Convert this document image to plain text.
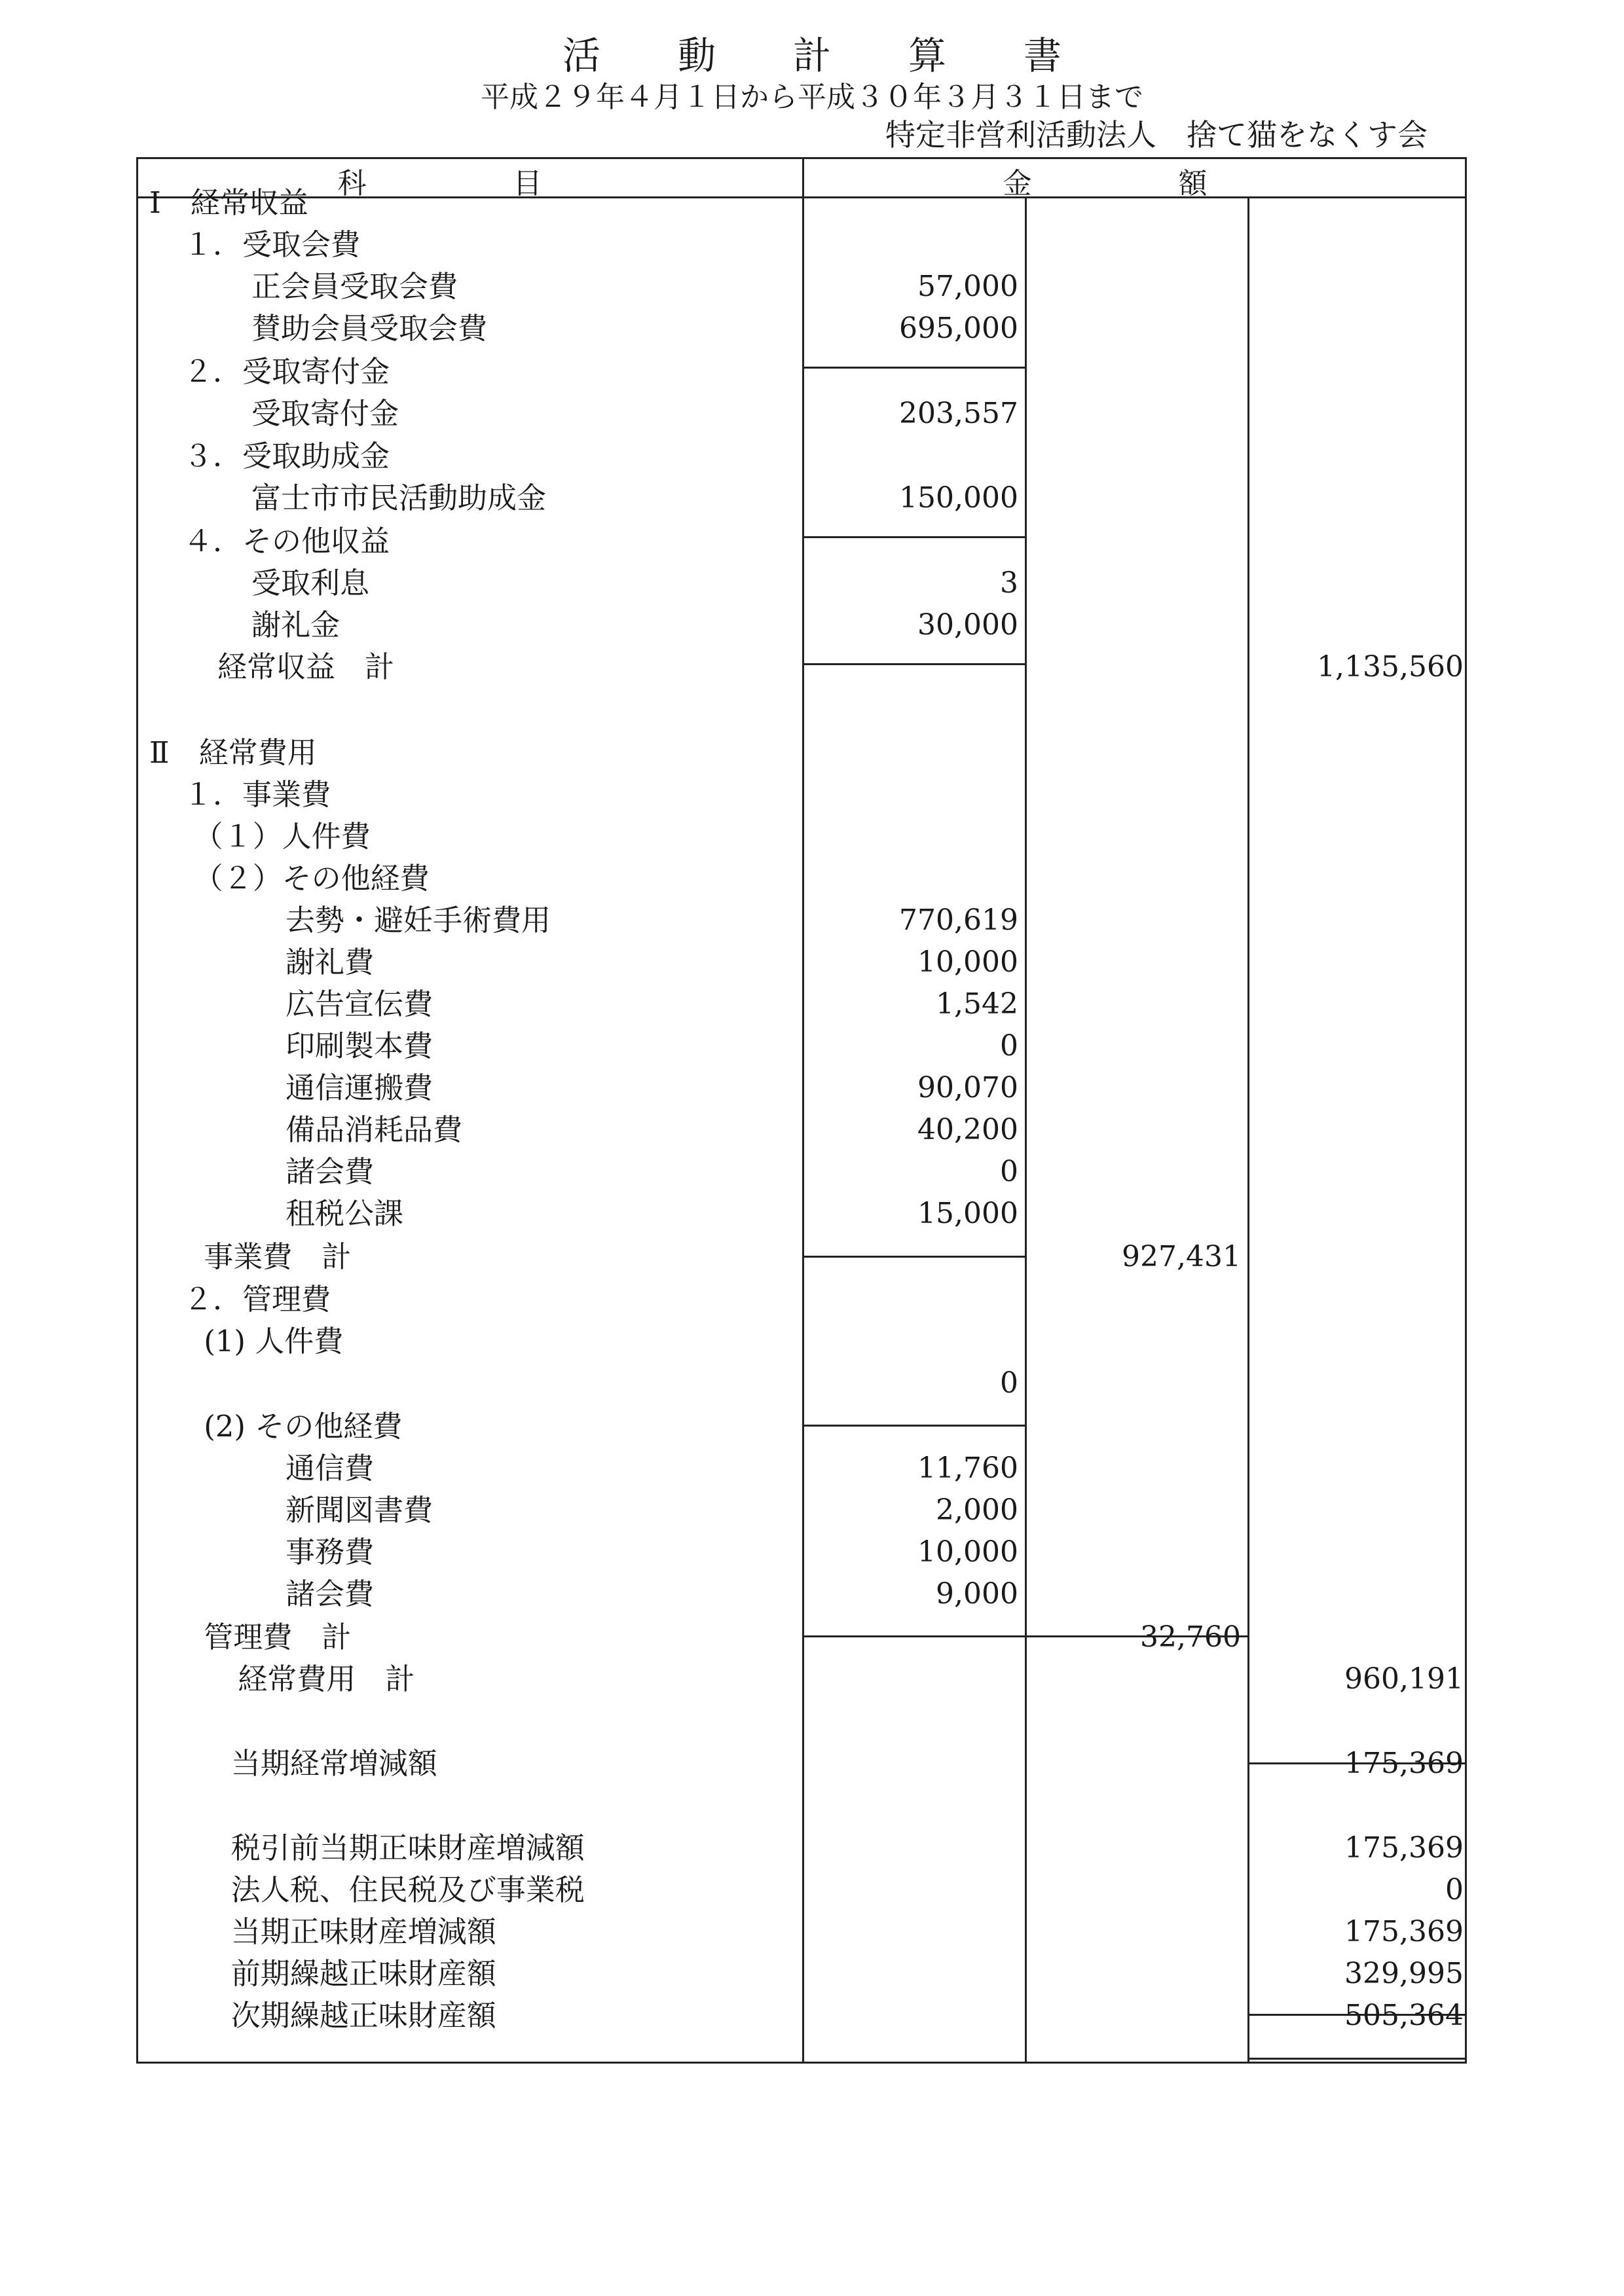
活動計算書
平成２９年４月１日から平成３０年３月３１日まで
特定非営利活動法人　捨て猫をなくす会
科　目	金　額
Ⅰ　経常収益
１．受取会費
正会員受取会費	57,000
賛助会員受取会費	695,000
２．受取寄付金
受取寄付金	203,557
３．受取助成金
富士市市民活動助成金	150,000
４．その他収益
受取利息	3
謝礼金	30,000
経常収益　計	1,135,560
Ⅱ　経常費用
１．事業費
（１）人件費
（２）その他経費
去勢・避妊手術費用	770,619
謝礼費	10,000
広告宣伝費	1,542
印刷製本費	0
通信運搬費	90,070
備品消耗品費	40,200
諸会費	0
租税公課	15,000
事業費　計	927,431
２．管理費
(1) 人件費
0
(2) その他経費
通信費	11,760
新聞図書費	2,000
事務費	10,000
諸会費	9,000
管理費　計	32,760
経常費用　計	960,191
当期経常増減額	175,369
税引前当期正味財産増減額	175,369
法人税、住民税及び事業税	0
当期正味財産増減額	175,369
前期繰越正味財産額	329,995
次期繰越正味財産額	505,364
